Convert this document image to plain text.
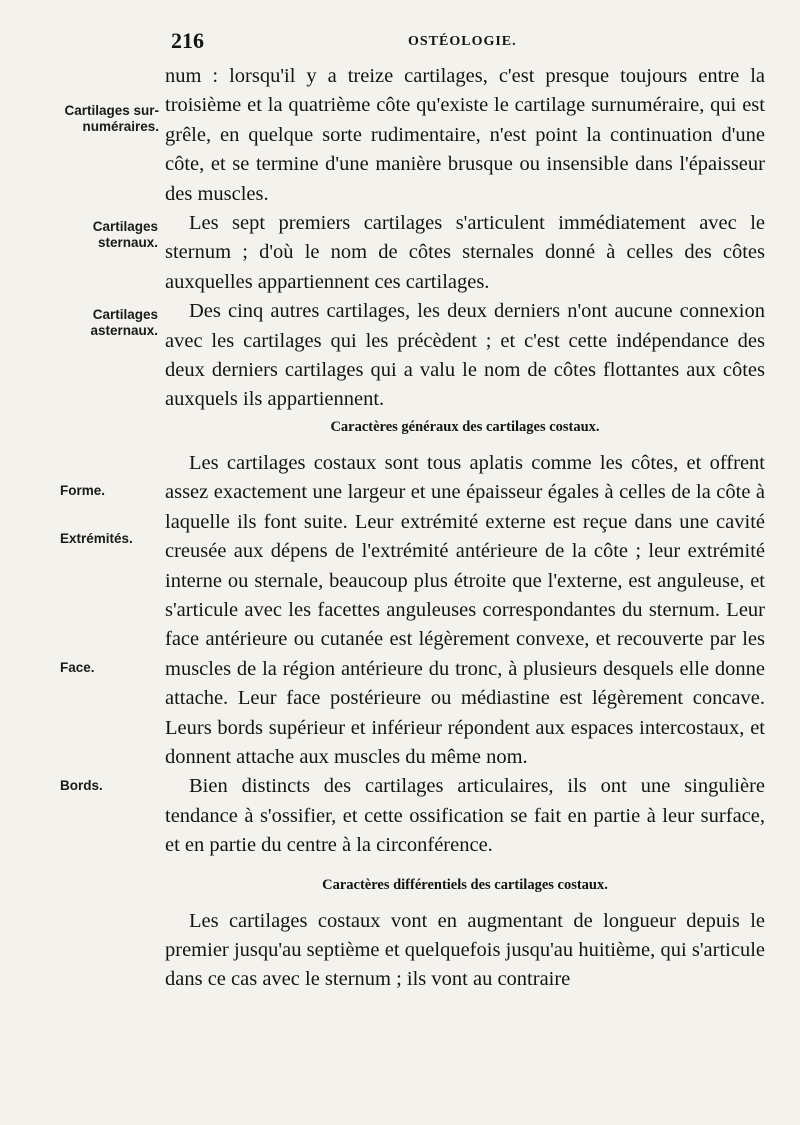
216	OSTÉOLOGIE.
Cartilages sur-
numéraires.
Cartilages
sternaux.
Cartilages
asternaux.
Forme.
Extrémités.
Face.
Bords.

num : lorsqu'il y a treize cartilages, c'est presque toujours entre la troisième et la quatrième côte qu'existe le cartilage surnuméraire, qui est grêle, en quelque sorte rudimentaire, n'est point la continuation d'une côte, et se termine d'une manière brusque ou insensible dans l'épaisseur des muscles.

Les sept premiers cartilages s'articulent immédiatement avec le sternum ; d'où le nom de côtes sternales donné à celles des côtes auxquelles appartiennent ces cartilages.

Des cinq autres cartilages, les deux derniers n'ont aucune connexion avec les cartilages qui les précèdent ; et c'est cette indépendance des deux derniers cartilages qui a valu le nom de côtes flottantes aux côtes auxquels ils appartiennent.

Caractères généraux des cartilages costaux.

Les cartilages costaux sont tous aplatis comme les côtes, et offrent assez exactement une largeur et une épaisseur égales à celles de la côte à laquelle ils font suite. Leur extrémité externe est reçue dans une cavité creusée aux dépens de l'extrémité antérieure de la côte ; leur extrémité interne ou sternale, beaucoup plus étroite que l'externe, est anguleuse, et s'articule avec les facettes anguleuses correspondantes du sternum. Leur face antérieure ou cutanée est légèrement convexe, et recouverte par les muscles de la région antérieure du tronc, à plusieurs desquels elle donne attache. Leur face postérieure ou médiastine est légèrement concave. Leurs bords supérieur et inférieur répondent aux espaces intercostaux, et donnent attache aux muscles du même nom.

Bien distincts des cartilages articulaires, ils ont une singulière tendance à s'ossifier, et cette ossification se fait en partie à leur surface, et en partie du centre à la circonférence.

Caractères différentiels des cartilages costaux.

Les cartilages costaux vont en augmentant de longueur depuis le premier jusqu'au septième et quelquefois jusqu'au huitième, qui s'articule dans ce cas avec le sternum ; ils vont au contraire
